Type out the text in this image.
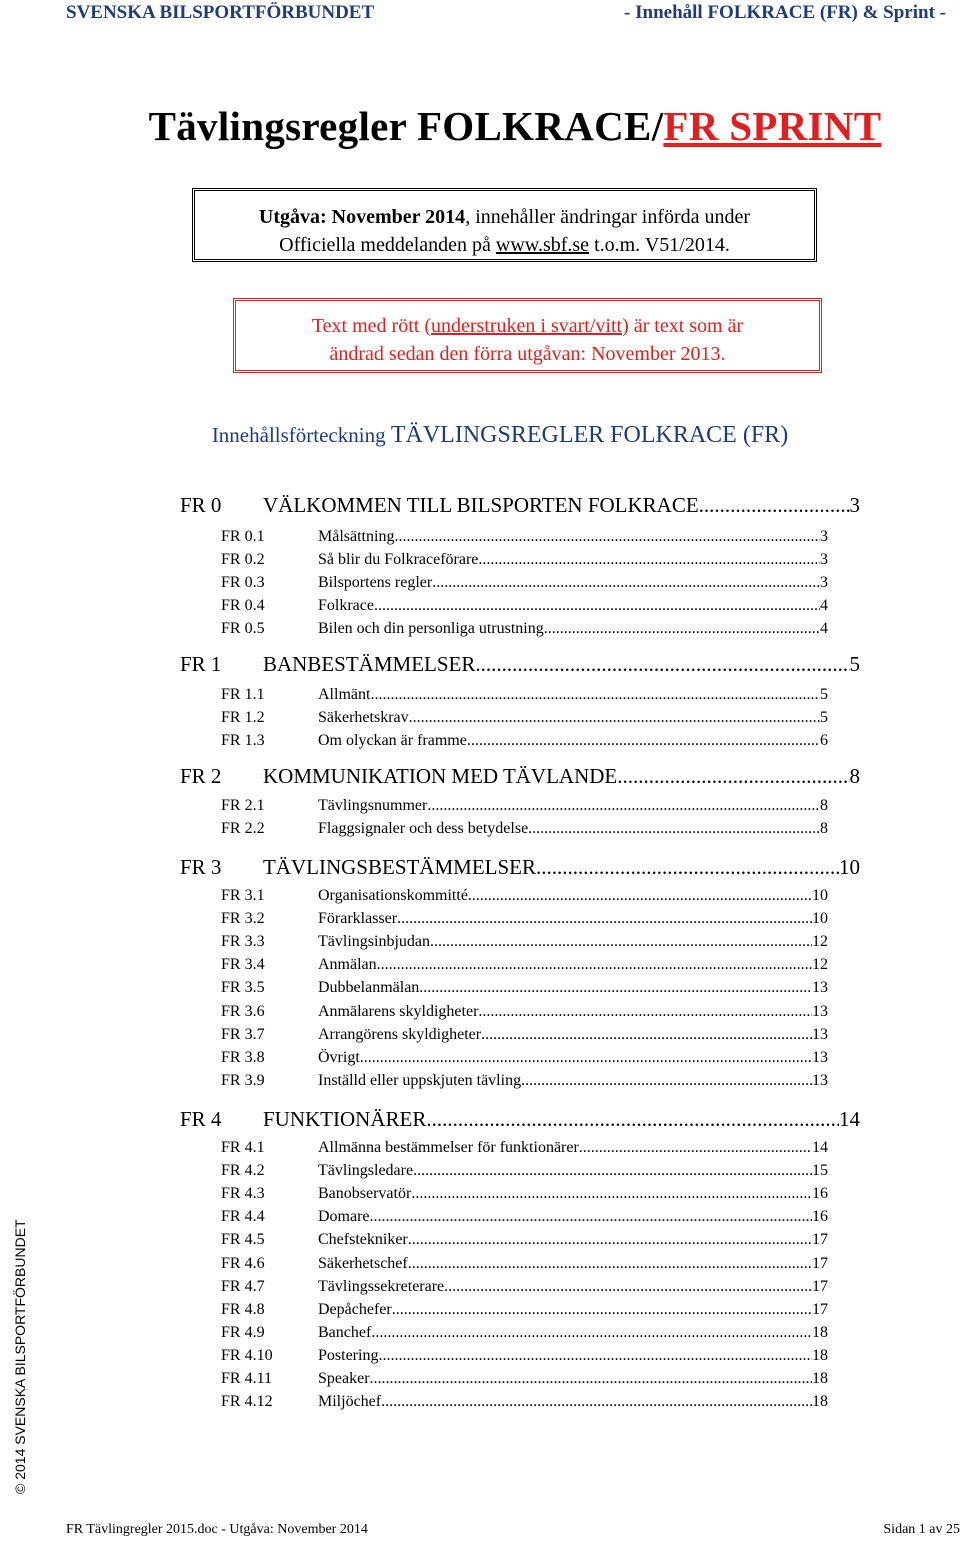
SVENSKA BILSPORTFÖRBUNDET	- Innehåll FOLKRACE (FR) & Sprint -
Tävlingsregler FOLKRACE/FR SPRINT
Utgåva: November 2014, innehåller ändringar införda under
Officiella meddelanden på www.sbf.se t.o.m. V51/2014.
Text med rött (understruken i svart/vitt) är text som är
ändrad sedan den förra utgåvan: November 2013.
Innehållsförteckning TÄVLINGSREGLER FOLKRACE (FR)
FR 0 VÄLKOMMEN TILL BILSPORTEN FOLKRACE .....	3
FR 0.1	Målsättning .....	3
FR 0.2	Så blir du Folkraceförare .....	3
FR 0.3	Bilsportens regler .....	3
FR 0.4	Folkrace .....	4
FR 0.5	Bilen och din personliga utrustning .....	4
FR 1 BANBESTÄMMELSER .....	5
FR 1.1	Allmänt .....	5
FR 1.2	Säkerhetskrav .....	5
FR 1.3	Om olyckan är framme .....	6
FR 2 KOMMUNIKATION MED TÄVLANDE .....	8
FR 2.1	Tävlingsnummer .....	8
FR 2.2	Flaggsignaler och dess betydelse. .....	8
FR 3 TÄVLINGSBESTÄMMELSER .....	10
FR 3.1	Organisationskommitté .....	10
FR 3.2	Förarklasser .....	10
FR 3.3	Tävlingsinbjudan .....	12
FR 3.4	Anmälan .....	12
FR 3.5	Dubbelanmälan .....	13
FR 3.6	Anmälarens skyldigheter .....	13
FR 3.7	Arrangörens skyldigheter .....	13
FR 3.8	Övrigt .....	13
FR 3.9	Inställd eller uppskjuten tävling .....	13
FR 4 FUNKTIONÄRER .....	14
FR 4.1	Allmänna bestämmelser för funktionärer .....	14
FR 4.2	Tävlingsledare .....	15
FR 4.3	Banobservatör .....	16
FR 4.4	Domare .....	16
FR 4.5	Chefstekniker .....	17
FR 4.6	Säkerhetschef .....	17
FR 4.7	Tävlingssekreterare .....	17
FR 4.8	Depåchefer .....	17
FR 4.9	Banchef .....	18
FR 4.10	Postering .....	18
FR 4.11	Speaker .....	18
FR 4.12	Miljöchef .....	18
© 2014 SVENSKA BILSPORTFÖRBUNDET
FR Tävlingregler 2015.doc - Utgåva: November 2014	Sidan 1 av 25
